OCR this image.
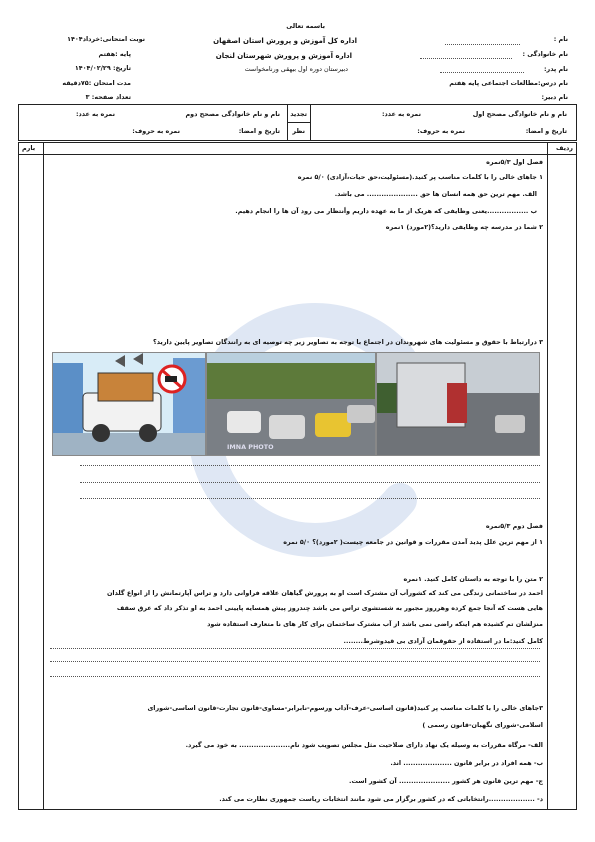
باسمه تعالی
اداره کل آموزش و پرورش استان اصفهان
اداره آموزش و پرورش شهرستان لنجان
دبیرستان دوره اول بیهقی ورنامخواست
نام :
نام خانوادگی :
نام پدر:
نام درس:مطالعات اجتماعی پایه هفتم
نام دبیر:
نوبت امتحانی:خرداد۱۴۰۴
پایه :هفتم
تاریخ: ۱۴۰۴/۰۲/۲۹
مدت امتحان :۷۵دقیقه
تعداد صفحه: ۳
نام و نام خانوادگی مصحح اول
نمره به عدد:
تاریخ و امضا:
نمره به حروف:
تجدید
نظر
نام و نام خانوادگی مصحح دوم
نمره به عدد:
تاریخ و امضا:
نمره به حروف:
ردیف
بارم
فصل اول ۵/۳نمره
۱ جاهای خالی را با کلمات مناسب پر کنید.(مسئولیت،حق حیات،آزادی) ۵/۰ نمره
الف. مهم ترین حق همه انسان ها حق ..................... می باشد.
ب .................یعنی وظایفی که هریک از ما به عهده داریم واَنتظار می رود آن ها را انجام دهیم.
۲ شما در مدرسه چه وظایفی دارید؟(۲مورد) ۱نمره
۳ درارتباط با حقوق و مسئولیت های شهروندان در اجتماع با توجه به تصاویر زیر چه توصیه ای به رانندگان تصاویر پایین دارید؟
IMNA PHOTO
فصل دوم ۵/۳نمره
۱ از مهم ترین علل پدید آمدن مقررات و قوانین در جامعه چیست( ۲مورد)؟ ۵/۰ نمره
۲ متن را با توجه به داستان کامل کنید. ۱نمره
احمد در ساختمانی زندگی می کند که کشوراَب آن مشترک است او به پرورش گیاهان علاقه فراوانی دارد و تراس آپارتمانش را از انواع گلدان
هایی هست که آنجا جمع کرده وهرروز مجبور به شستشوی تراس می باشد چندروز پیش همسایه پایینی احمد به او تذکر داد که عرق سقف
منزلشان تم کشیده هم اینکه راضی نمی باشد از آب مشترک ساختمان برای کار های نا متعارف استفاده شود
کامل کنید:ما در استفاده از حقوقمان آزادی بی قیدوشرط........
۳جاهای خالی را با کلمات مناسب پر کنید(قانون اساسی-عرف-آداب ورسوم-نابرابر-مساوی-قانون تجارت-قانون اساسی-شورای
اسلامی-شورای نگهبان-قانون رسمی )
الف- مرگاه مقررات به وسیله یک نهاد دارای صلاحیت مثل مجلس تصویب شود نام..................... به خود می گیرد.
ب- همه افراد در برابر قانون .................... اند.
ج- مهم ترین قانون هر کشور ..................... آن کشور است.
د- ...................رانتخاباتی که در کشور برگزار می شود مانند انتخابات ریاست جمهوری نظارت می کند.
